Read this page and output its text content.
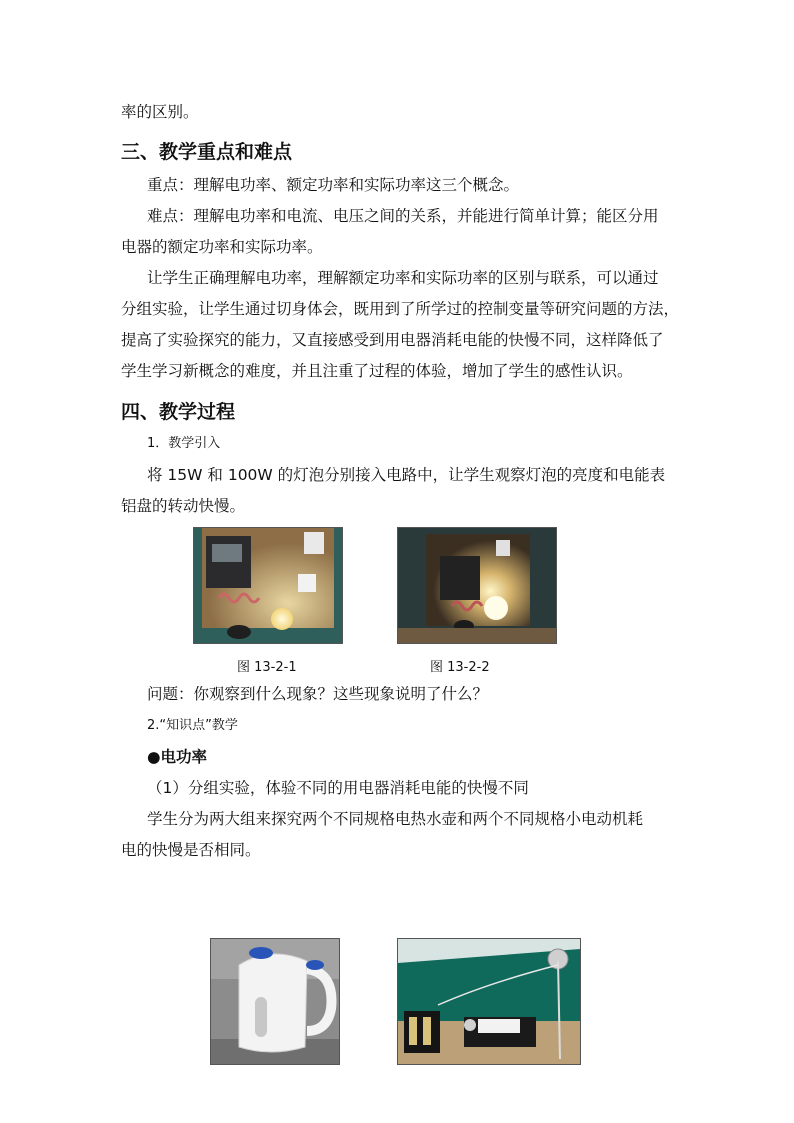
率的区别。
三、教学重点和难点
重点：理解电功率、额定功率和实际功率这三个概念。
难点：理解电功率和电流、电压之间的关系，并能进行简单计算；能区分用
电器的额定功率和实际功率。
让学生正确理解电功率，理解额定功率和实际功率的区别与联系，可以通过
分组实验，让学生通过切身体会，既用到了所学过的控制变量等研究问题的方法，
提高了实验探究的能力，又直接感受到用电器消耗电能的快慢不同，这样降低了
学生学习新概念的难度，并且注重了过程的体验，增加了学生的感性认识。
四、教学过程
1．教学引入
将 15W 和 100W 的灯泡分别接入电路中，让学生观察灯泡的亮度和电能表
铝盘的转动快慢。
图 13-2-1	图 13-2-2
问题：你观察到什么现象？这些现象说明了什么？
2.“知识点”教学
●电功率
（1）分组实验，体验不同的用电器消耗电能的快慢不同
学生分为两大组来探究两个不同规格电热水壶和两个不同规格小电动机耗
电的快慢是否相同。
